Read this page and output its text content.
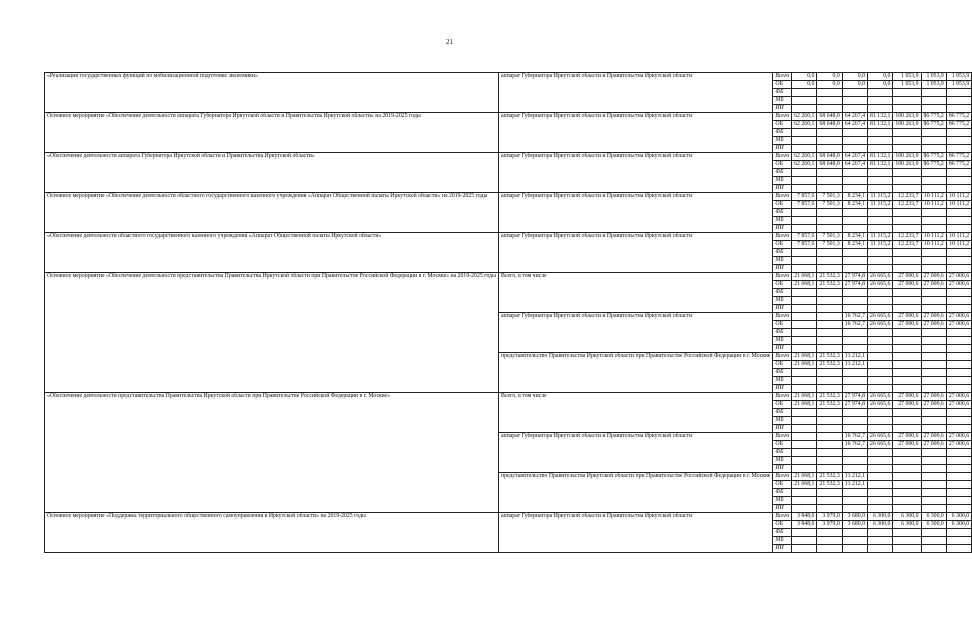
21
«Реализация государственных функций по мобилизационной подготовке экономики»	аппарат Губернатора Иркутской области и Правительства Иркутской области	Всего	0,0	0,0	0,0	0,0	1 053,9	1 053,9	1 053,9
		ОБ	0,0	0,0	0,0	0,0	1 053,9	1 053,9	1 053,9
		ФБ							
		МБ							
		ИИ							
Основное мероприятие «Обеспечение деятельности аппарата Губернатора Иркутской области и Правительства Иркутской области» на 2019-2025 годы	аппарат Губернатора Иркутской области и Правительства Иркутской области	Всего	62 260,1	68 648,0	64 267,4	81 132,1	100 263,0	86 775,2	86 775,2
		ОБ	62 260,1	68 648,0	64 267,4	81 132,1	100 263,0	86 775,2	86 775,2
		ФБ							
		МБ							
		ИИ							
«Обеспечение деятельности аппарата Губернатора Иркутской области и Правительства Иркутской области»	аппарат Губернатора Иркутской области и Правительства Иркутской области	Всего	62 260,1	68 648,0	64 267,4	81 132,1	100 263,0	86 775,2	86 775,2
		ОБ	62 260,1	68 648,0	64 267,4	81 132,1	100 263,0	86 775,2	86 775,2
		ФБ							
		МБ							
		ИИ							
Основное мероприятие «Обеспечение деятельности областного государственного казенного учреждения «Аппарат Общественной палаты Иркутской области» на 2019-2025 годы	аппарат Губернатора Иркутской области и Правительства Иркутской области	Всего	7 857,6	7 501,3	8 234,1	11 115,2	12 233,7	10 111,2	10 111,2
		ОБ	7 857,6	7 501,3	8 234,1	11 115,2	12 233,7	10 111,2	10 111,2
		ФБ							
		МБ							
		ИИ							
«Обеспечение деятельности областного государственного казенного учреждения «Аппарат Общественной палаты Иркутской области»	аппарат Губернатора Иркутской области и Правительства Иркутской области	Всего	7 857,6	7 501,3	8 234,1	11 115,2	12 233,7	10 111,2	10 111,2
		ОБ	7 857,6	7 501,3	8 234,1	11 115,2	12 233,7	10 111,2	10 111,2
		ФБ							
		МБ							
		ИИ							
Основное мероприятие «Обеспечение деятельности представительства Правительства Иркутской области при Правительстве Российской Федерации в г. Москве» на 2019-2025 годы	Всего, в том числе	Всего	21 668,1	21 532,3	27 974,8	26 665,6	27 000,6	27 000,6	27 000,6
		ОБ	21 668,1	21 532,3	27 974,8	26 665,6	27 000,6	27 000,6	27 000,6
		ФБ							
		МБ							
		ИИ							
	аппарат Губернатора Иркутской области и Правительства Иркутской области	Всего			16 762,7	26 665,6	27 000,6	27 000,6	27 000,6
		ОБ			16 762,7	26 665,6	27 000,6	27 000,6	27 000,6
		ФБ							
		МБ							
		ИИ							
	представительство Правительства Иркутской области при Правительстве Российской Федерации в г. Москве	Всего	21 668,1	21 532,3	11 212,1				
		ОБ	21 668,1	21 532,3	11 212,1				
		ФБ							
		МБ							
		ИИ							
«Обеспечение деятельности представительства Правительства Иркутской области при Правительстве Российской Федерации в г. Москве»	Всего, в том числе	Всего	21 668,1	21 532,3	27 974,8	26 665,6	27 000,6	27 000,6	27 000,6
		ОБ	21 668,1	21 532,3	27 974,8	26 665,6	27 000,6	27 000,6	27 000,6
		ФБ							
		МБ							
		ИИ							
	аппарат Губернатора Иркутской области и Правительства Иркутской области	Всего			16 762,7	26 665,6	27 000,6	27 000,6	27 000,6
		ОБ			16 762,7	26 665,6	27 000,6	27 000,6	27 000,6
		ФБ							
		МБ							
		ИИ							
	представительство Правительства Иркутской области при Правительстве Российской Федерации в г. Москве	Всего	21 668,1	21 532,3	11 212,1				
		ОБ	21 668,1	21 532,3	11 212,1				
		ФБ							
		МБ							
		ИИ							
Основное мероприятие «Поддержка территориального общественного самоуправления в Иркутской области» на 2019-2025 годы	аппарат Губернатора Иркутской области и Правительства Иркутской области	Всего	3 848,6	3 979,0	3 680,0	6 300,0	6 300,0	6 300,0	6 300,0
		ОБ	3 848,6	3 979,0	3 680,0	6 300,0	6 300,0	6 300,0	6 300,0
		ФБ							
		МБ							
		ИИ							
